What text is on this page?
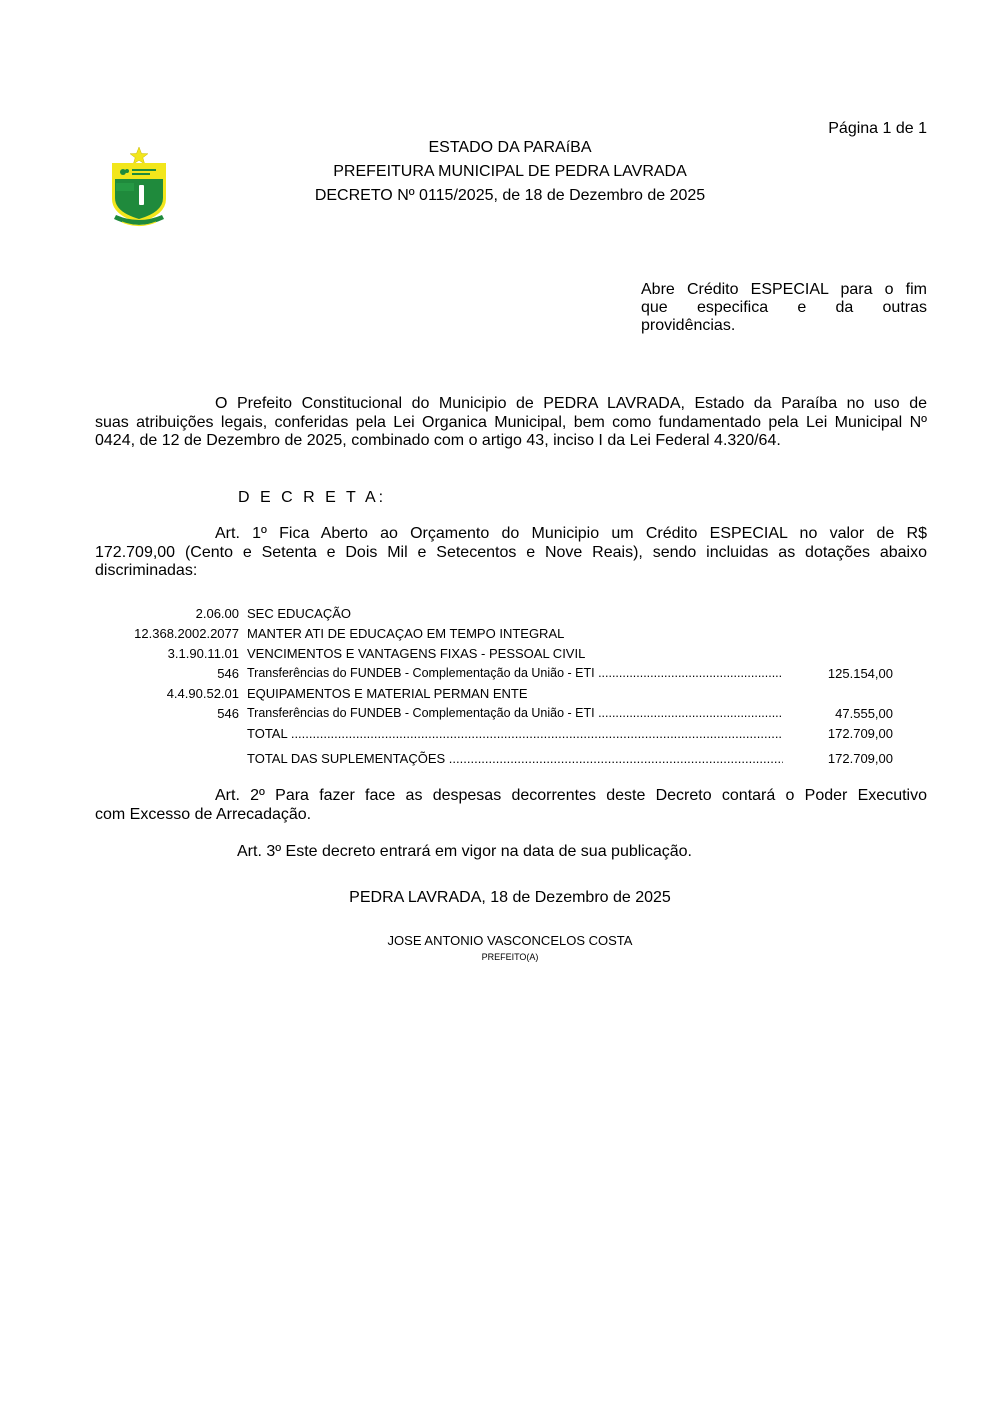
Página 1 de 1
ESTADO DA PARAíBA
PREFEITURA MUNICIPAL DE PEDRA LAVRADA
DECRETO Nº 0115/2025, de 18 de Dezembro de 2025
Abre Crédito ESPECIAL para o fim
que especifica e da outras
providências.
O Prefeito Constitucional do Municipio de PEDRA LAVRADA, Estado da Paraíba no uso de
suas atribuições legais, conferidas pela Lei Organica Municipal, bem como fundamentado pela Lei Municipal Nº
0424, de 12 de Dezembro de 2025, combinado com o artigo 43, inciso I da Lei Federal 4.320/64.
D E C R E T A:
Art. 1º Fica Aberto ao Orçamento do Municipio um Crédito ESPECIAL no valor de R$
172.709,00 (Cento e Setenta e Dois Mil e Setecentos e Nove Reais), sendo incluidas as dotações abaixo
discriminadas:
2.06.00 SEC EDUCAÇÃO
12.368.2002.2077 MANTER ATI DE EDUCAÇAO EM TEMPO INTEGRAL
3.1.90.11.01 VENCIMENTOS E VANTAGENS FIXAS - PESSOAL CIVIL
546 Transferências do FUNDEB - Complementação da União - ETI .....	125.154,00
4.4.90.52.01 EQUIPAMENTOS E MATERIAL PERMAN ENTE
546 Transferências do FUNDEB - Complementação da União - ETI .....	47.555,00
TOTAL .....	172.709,00
TOTAL DAS SUPLEMENTAÇÕES .....	172.709,00
Art. 2º Para fazer face as despesas decorrentes deste Decreto contará o Poder Executivo
com Excesso de Arrecadação.
Art. 3º Este decreto entrará em vigor na data de sua publicação.
PEDRA LAVRADA, 18 de Dezembro de 2025
JOSE ANTONIO VASCONCELOS COSTA
PREFEITO(A)
